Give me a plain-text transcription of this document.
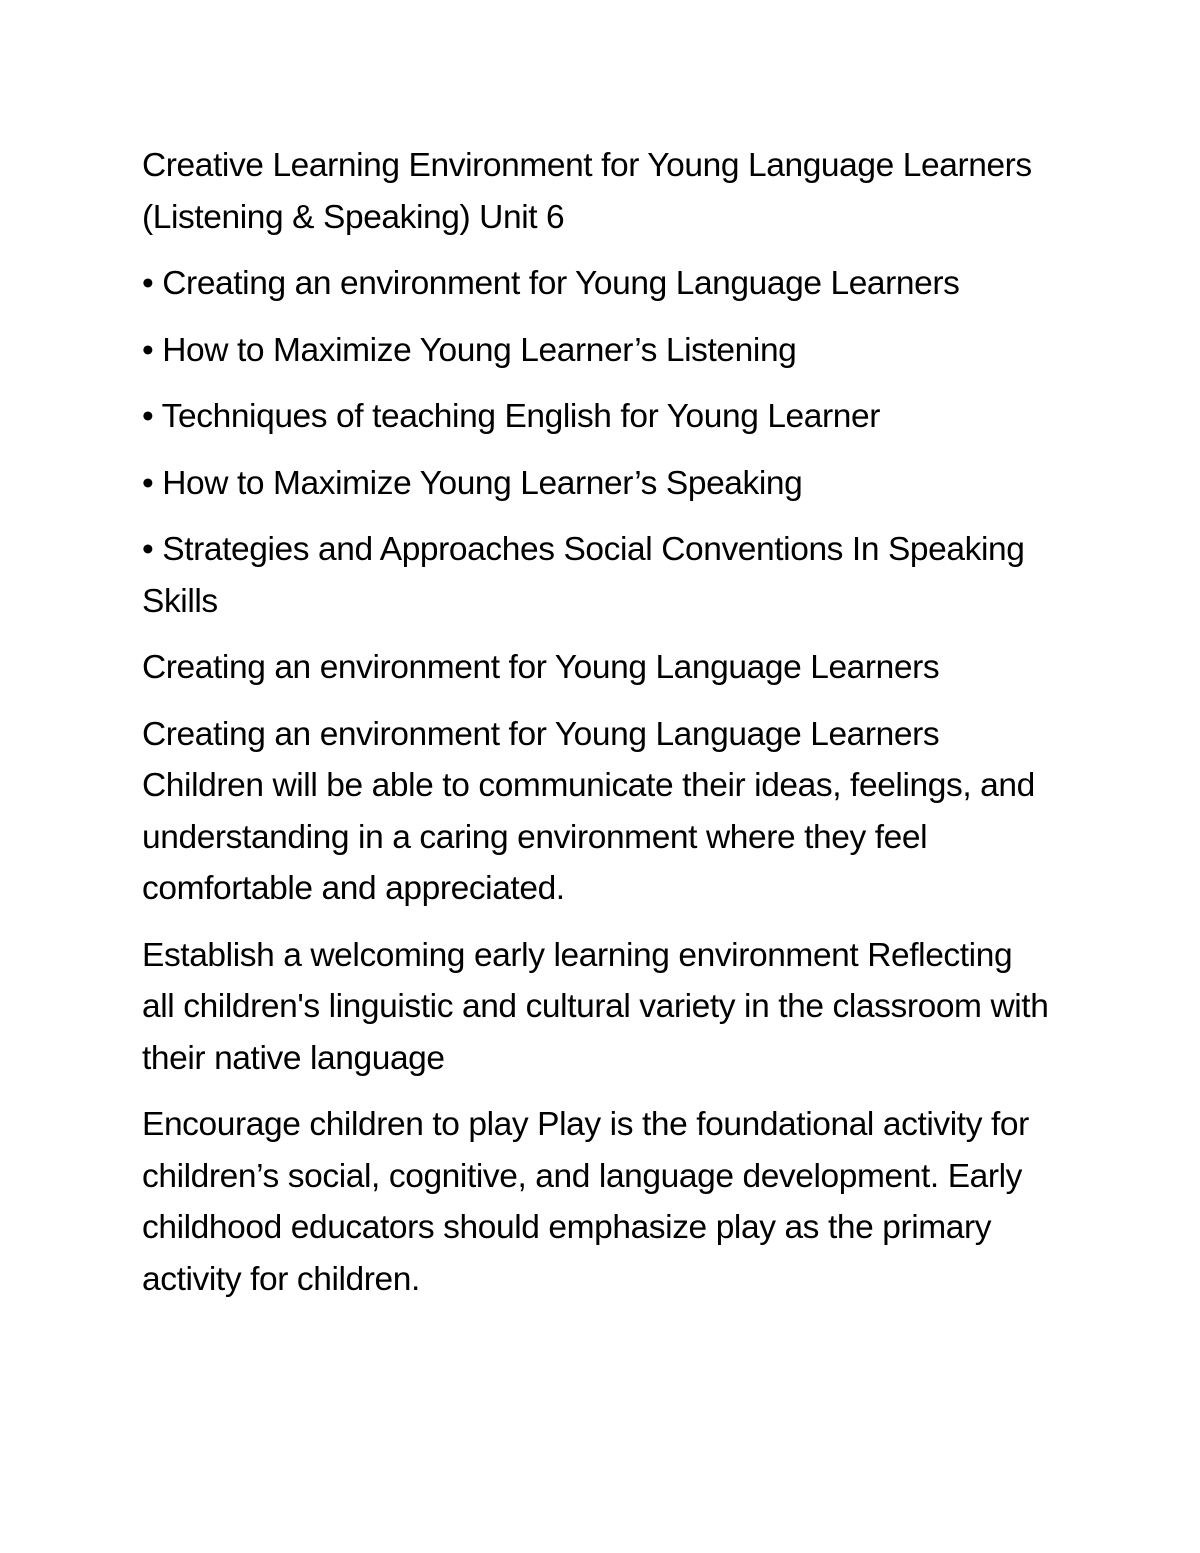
Creative Learning Environment for Young Language Learners (Listening & Speaking) Unit 6

• Creating an environment for Young Language Learners
• How to Maximize Young Learner’s Listening
• Techniques of teaching English for Young Learner
• How to Maximize Young Learner’s Speaking
• Strategies and Approaches Social Conventions In Speaking Skills

Creating an environment for Young Language Learners

Creating an environment for Young Language Learners Children will be able to communicate their ideas, feelings, and understanding in a caring environment where they feel comfortable and appreciated.

Establish a welcoming early learning environment Reflecting all children's linguistic and cultural variety in the classroom with their native language

Encourage children to play Play is the foundational activity for children’s social, cognitive, and language development. Early childhood educators should emphasize play as the primary activity for children.
